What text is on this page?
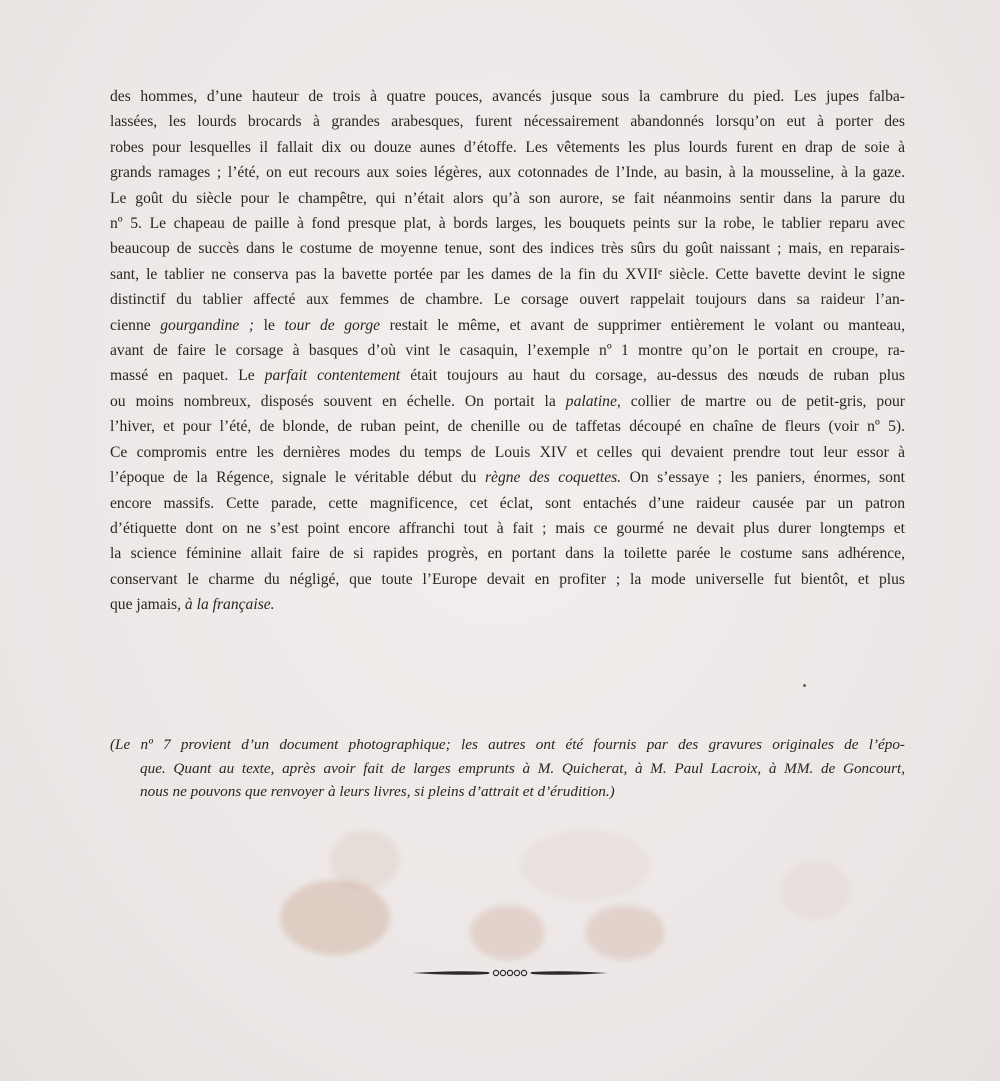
des hommes, d’une hauteur de trois à quatre pouces, avancés jusque sous la cambrure du pied. Les jupes falba-
lassées, les lourds brocards à grandes arabesques, furent nécessairement abandonnés lorsqu’on eut à porter des
robes pour lesquelles il fallait dix ou douze aunes d’étoffe. Les vêtements les plus lourds furent en drap de soie à
grands ramages ; l’été, on eut recours aux soies légères, aux cotonnades de l’Inde, au basin, à la mousseline, à la gaze.
Le goût du siècle pour le champêtre, qui n’était alors qu’à son aurore, se fait néanmoins sentir dans la parure du
nº 5. Le chapeau de paille à fond presque plat, à bords larges, les bouquets peints sur la robe, le tablier reparu avec
beaucoup de succès dans le costume de moyenne tenue, sont des indices très sûrs du goût naissant ; mais, en reparais-
sant, le tablier ne conserva pas la bavette portée par les dames de la fin du XVIIᵉ siècle. Cette bavette devint le signe
distinctif du tablier affecté aux femmes de chambre. Le corsage ouvert rappelait toujours dans sa raideur l’an-
cienne gourgandine ; le tour de gorge restait le même, et avant de supprimer entièrement le volant ou manteau,
avant de faire le corsage à basques d’où vint le casaquin, l’exemple nº 1 montre qu’on le portait en croupe, ra-
massé en paquet. Le parfait contentement était toujours au haut du corsage, au-dessus des nœuds de ruban plus
ou moins nombreux, disposés souvent en échelle. On portait la palatine, collier de martre ou de petit-gris, pour
l’hiver, et pour l’été, de blonde, de ruban peint, de chenille ou de taffetas découpé en chaîne de fleurs (voir nº 5).
Ce compromis entre les dernières modes du temps de Louis XIV et celles qui devaient prendre tout leur essor à
l’époque de la Régence, signale le véritable début du règne des coquettes. On s’essaye ; les paniers, énormes, sont
encore massifs. Cette parade, cette magnificence, cet éclat, sont entachés d’une raideur causée par un patron
d’étiquette dont on ne s’est point encore affranchi tout à fait ; mais ce gourmé ne devait plus durer longtemps et
la science féminine allait faire de si rapides progrès, en portant dans la toilette parée le costume sans adhérence,
conservant le charme du négligé, que toute l’Europe devait en profiter ; la mode universelle fut bientôt, et plus
que jamais, à la française.
(Le nº 7 provient d’un document photographique; les autres ont été fournis par des gravures originales de l’épo-
que. Quant au texte, après avoir fait de larges emprunts à M. Quicherat, à M. Paul Lacroix, à MM. de Goncourt,
nous ne pouvons que renvoyer à leurs livres, si pleins d’attrait et d’érudition.)
